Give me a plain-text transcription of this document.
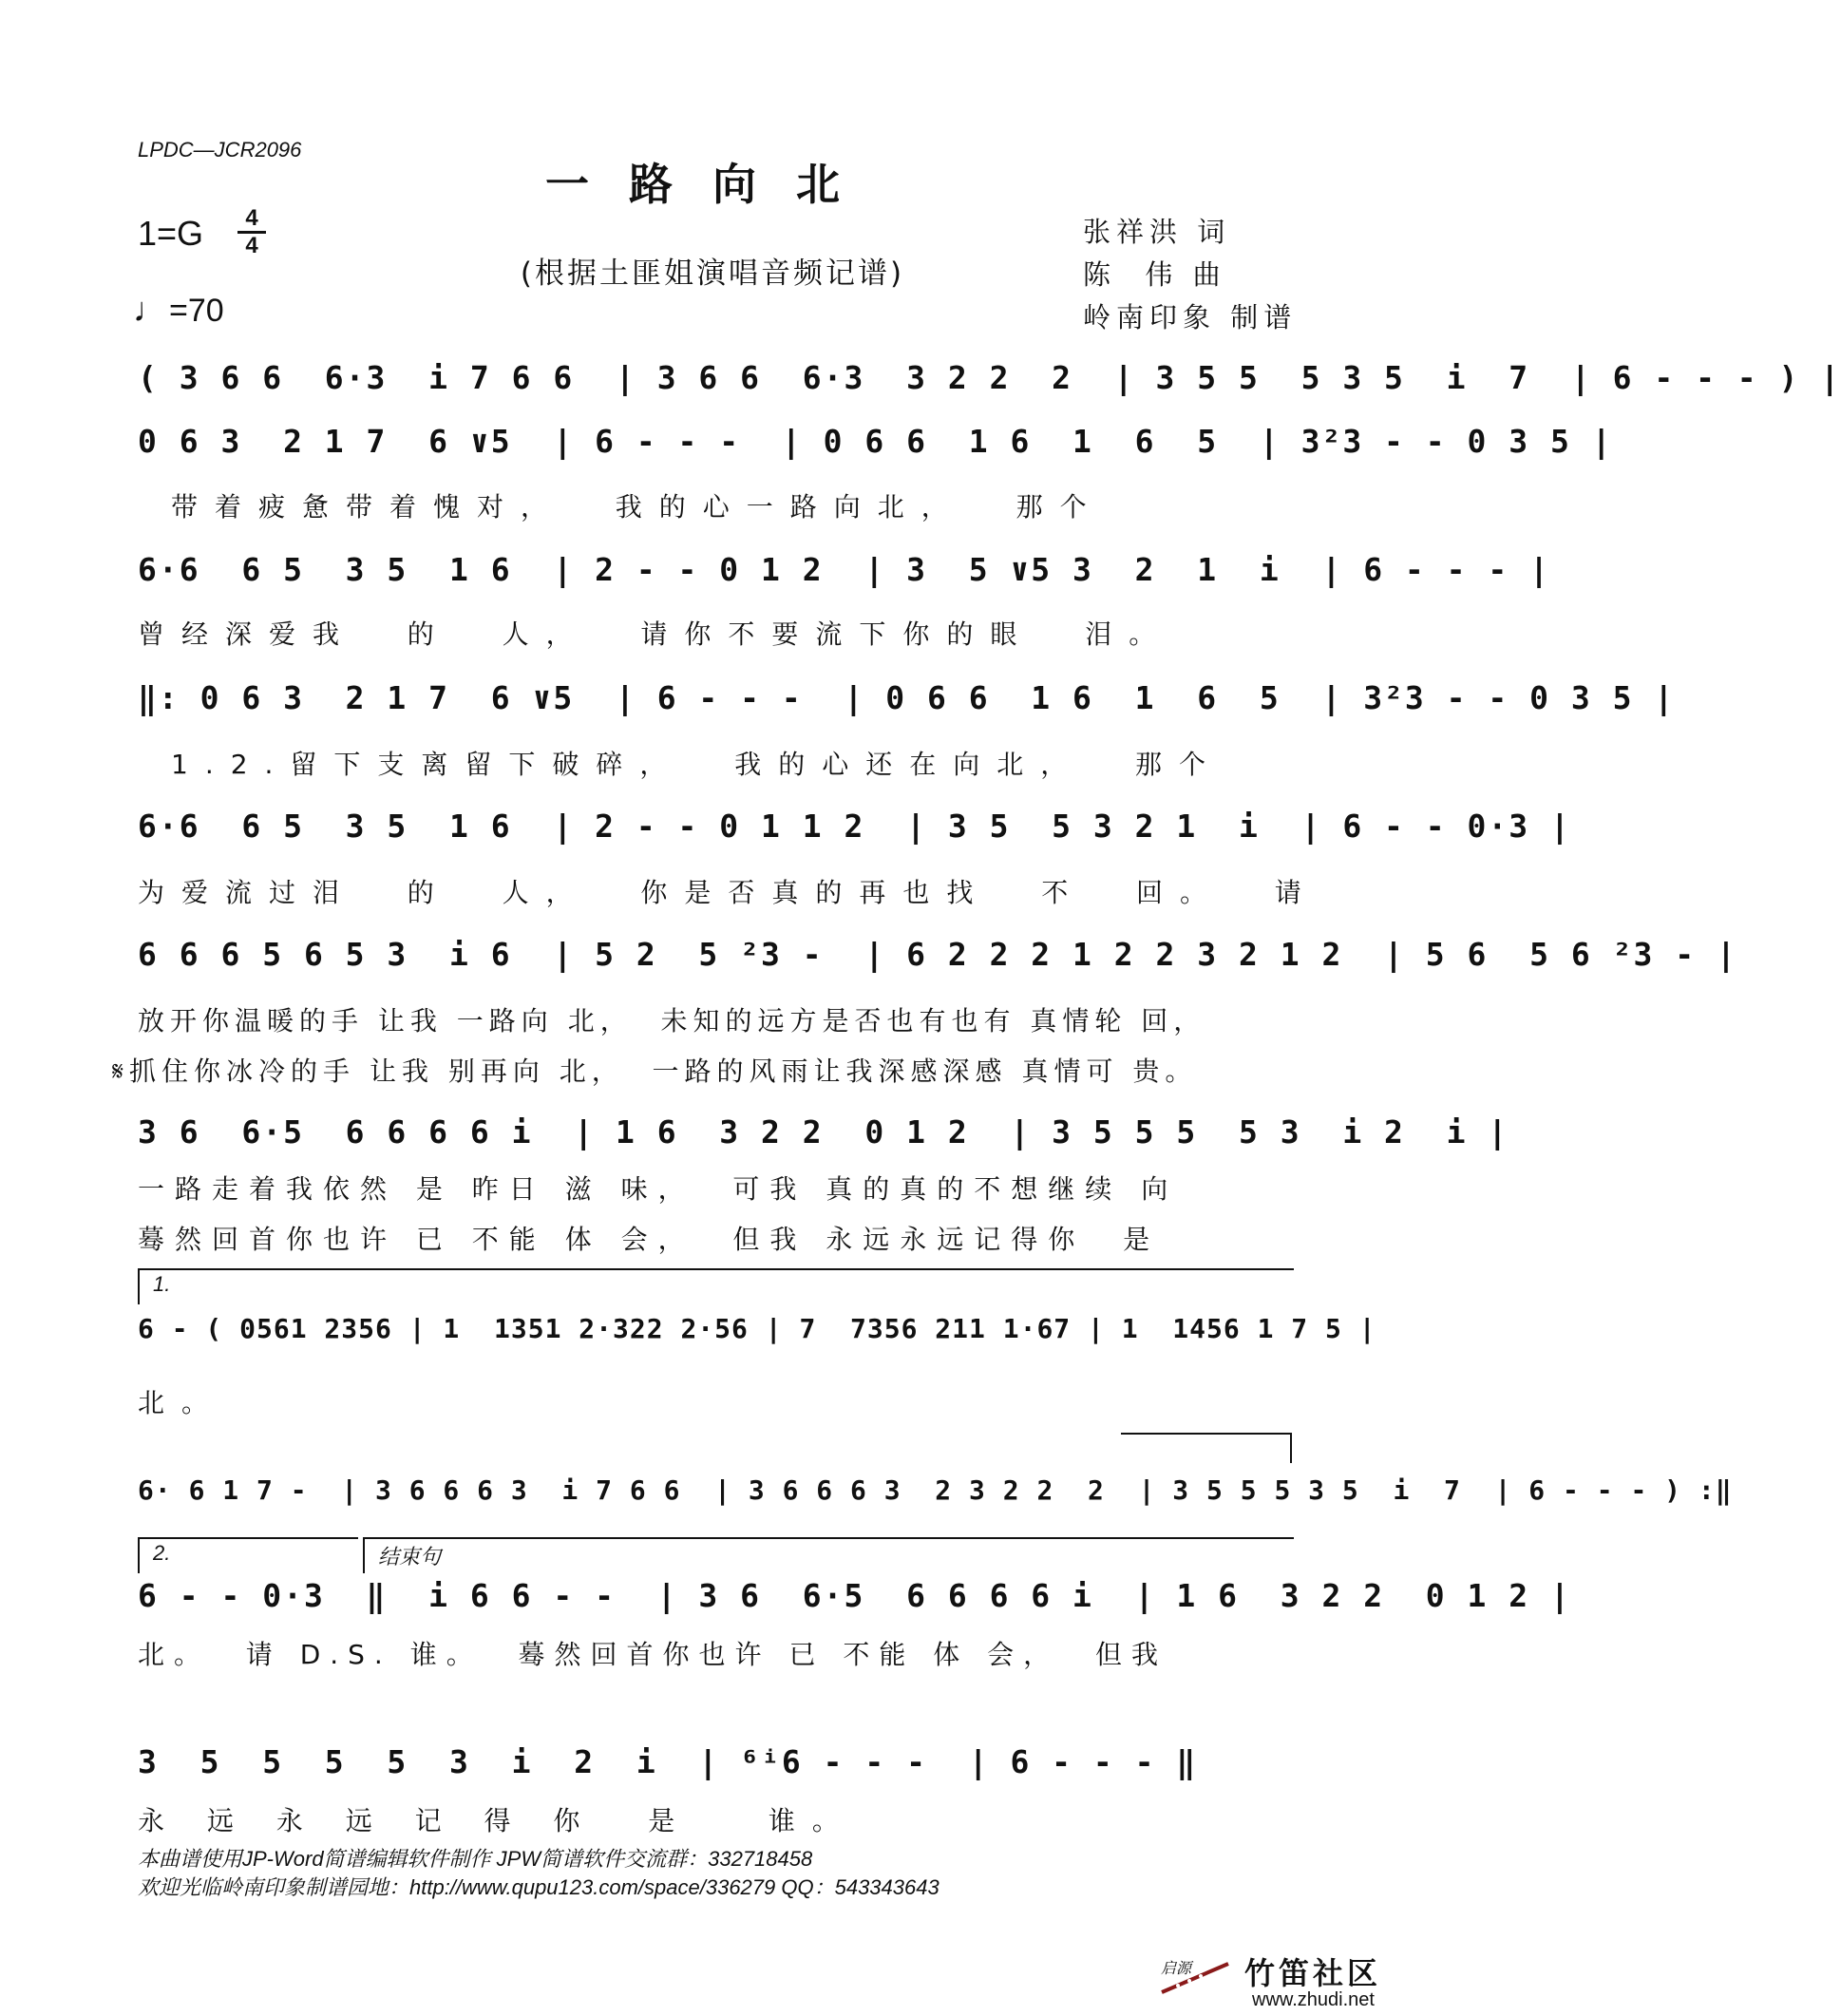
LPDC—JCR2096
一路向北
1=G	4
4
(根据土匪姐演唱音频记谱)
张祥洪 词
陈  伟 曲
岭南印象 制谱
♩=70
( 3 6 6  6·3  i 7 6 6  | 3 6 6  6·3  3 2 2  2  | 3 5 5  5 3 5  i  7  | 6 - - - ) |
0 6 3  2 1 7  6 ∨5  | 6 - - -  | 0 6 6  1 6  1  6  5  | 3²3 - - 0 3 5 |
带着疲惫带着愧对，  我的心一路向北，  那个
6·6  6 5  3 5  1 6  | 2 - - 0 1 2  | 3  5 ∨5 3  2  1  i  | 6 - - - |
曾经深爱我  的  人，  请你不要流下你的眼  泪。
‖: 0 6 3  2 1 7  6 ∨5  | 6 - - -  | 0 6 6  1 6  1  6  5  | 3²3 - - 0 3 5 |
1.2.留下支离留下破碎，  我的心还在向北，  那个
6·6  6 5  3 5  1 6  | 2 - - 0 1 1 2  | 3 5  5 3 2 1  i  | 6 - - 0·3 |
为爱流过泪  的  人，  你是否真的再也找  不  回。  请
6 6 6 5 6 5 3  i 6  | 5 2  5 ²3 -  | 6 2 2 2 1 2 2 3 2 1 2  | 5 6  5 6 ²3 - |
放开你温暖的手 让我 一路向 北，  未知的远方是否也有也有 真情轮 回，
𝄋抓住你冰冷的手 让我 别再向 北，  一路的风雨让我深感深感 真情可 贵。
3 6  6·5  6 6 6 6 i  | 1 6  3 2 2  0 1 2  | 3 5 5 5  5 3  i 2  i |
一路走着我依然 是 昨日 滋 味，  可我 真的真的不想继续 向
蓦然回首你也许 已 不能 体 会，  但我 永远永远记得你  是
1.
6 - ( 0561 2356 | 1  1351 2·322 2·56 | 7  7356 211 1·67 | 1  1456 1 7 5 |
北。
6· 6 1 7 -  | 3 6 6 6 3  i 7 6 6  | 3 6 6 6 3  2 3 2 2  2  | 3 5 5 5 3 5  i  7  | 6 - - - ) :‖
2.	结束句
6 - - 0·3  ‖  i 6 6 - -  | 3 6  6·5  6 6 6 6 i  | 1 6  3 2 2  0 1 2 |
北。  请 D.S. 谁。  蓦然回首你也许 已 不能 体 会，  但我
3  5  5  5  5  3  i  2  i  | ⁶ⁱ6 - - -  | 6 - - - ‖
永 远 永 远 记 得 你  是   谁。
本曲谱使用JP-Word简谱编辑软件制作 JPW简谱软件交流群：332718458
欢迎光临岭南印象制谱园地：http://www.qupu123.com/space/336279 QQ：543343643
启源 竹笛社区
www.zhudi.net
